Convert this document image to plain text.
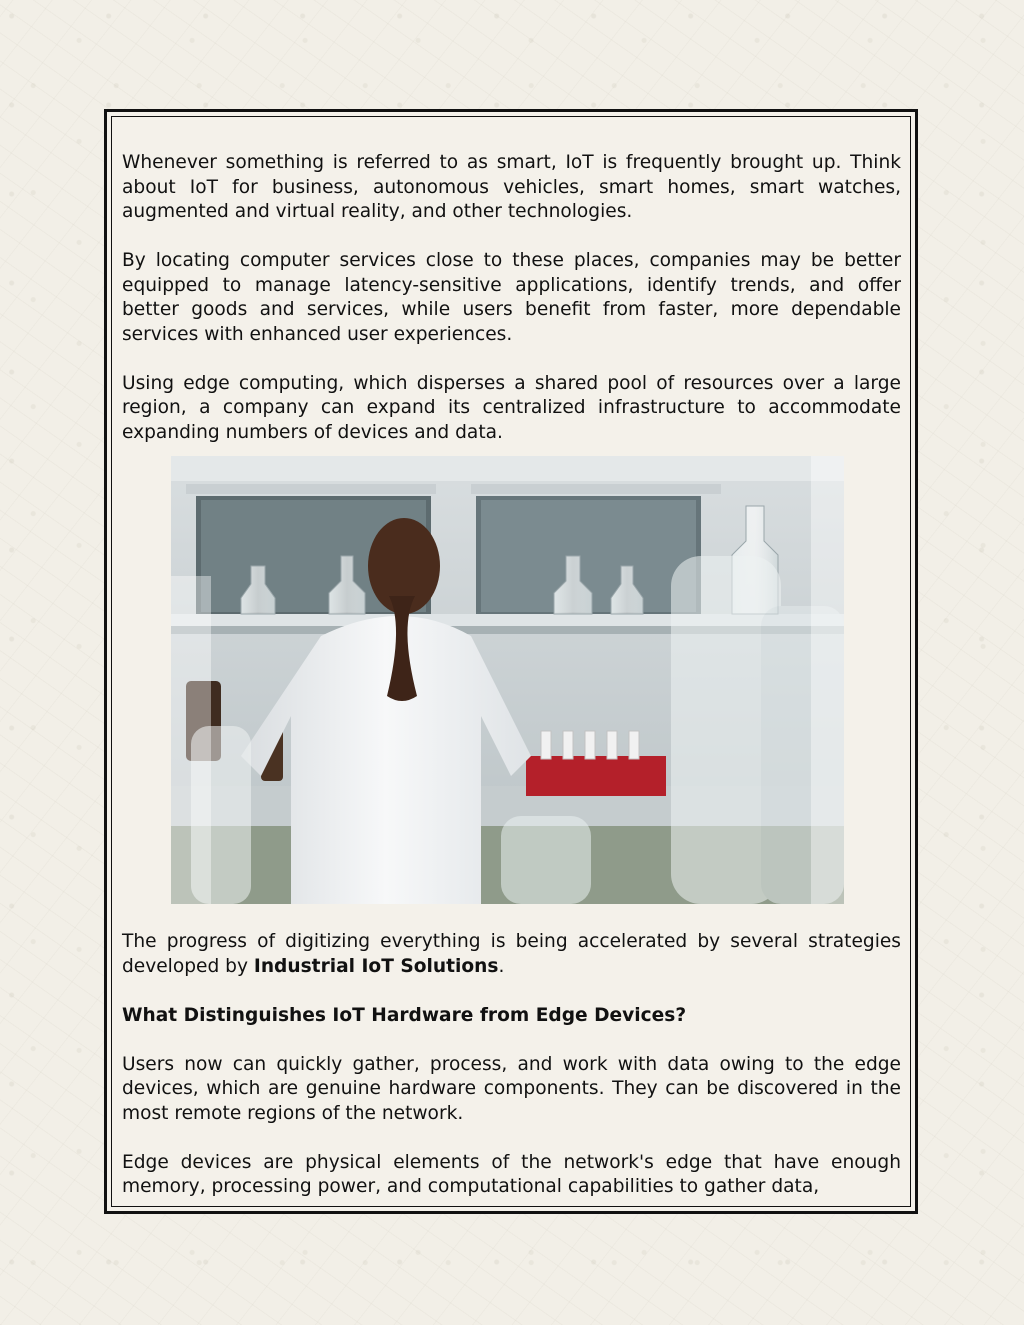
Whenever something is referred to as smart, IoT is frequently brought up. Think about IoT for business, autonomous vehicles, smart homes, smart watches, augmented and virtual reality, and other technologies.

By locating computer services close to these places, companies may be better equipped to manage latency-sensitive applications, identify trends, and offer better goods and services, while users benefit from faster, more dependable services with enhanced user experiences.

Using edge computing, which disperses a shared pool of resources over a large region, a company can expand its centralized infrastructure to accommodate expanding numbers of devices and data.

The progress of digitizing everything is being accelerated by several strategies developed by Industrial IoT Solutions.

What Distinguishes IoT Hardware from Edge Devices?

Users now can quickly gather, process, and work with data owing to the edge devices, which are genuine hardware components. They can be discovered in the most remote regions of the network.

Edge devices are physical elements of the network's edge that have enough memory, processing power, and computational capabilities to gather data,
